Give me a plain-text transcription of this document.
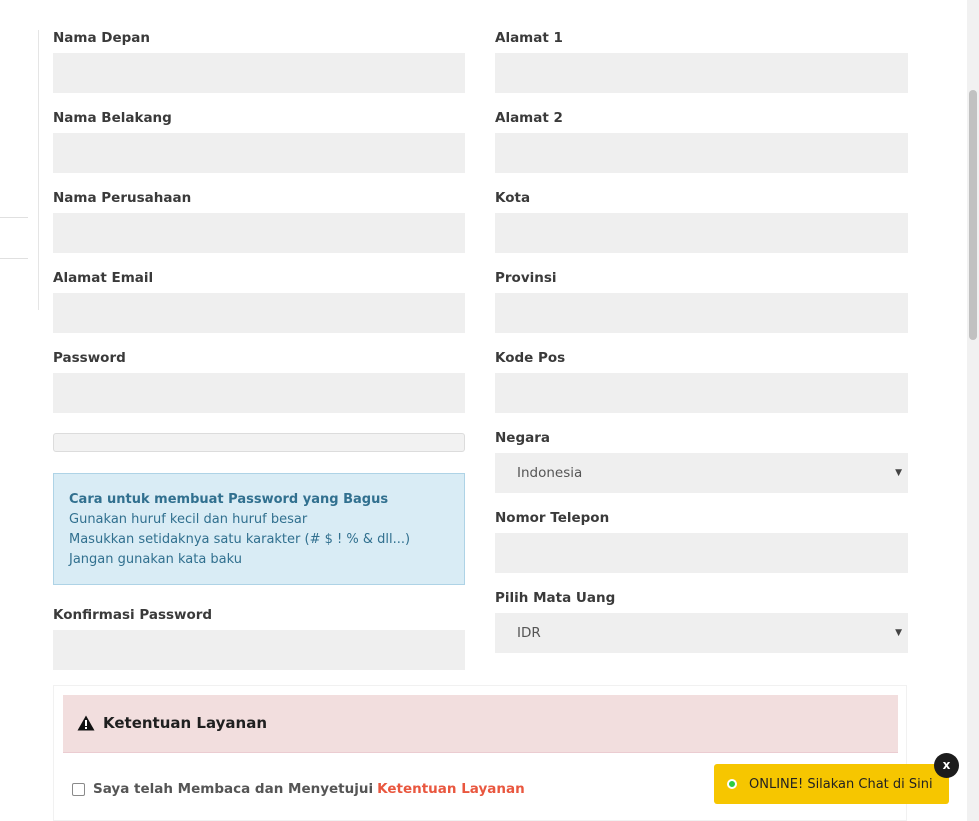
Nama Depan
Nama Belakang
Nama Perusahaan
Alamat Email
Password
Cara untuk membuat Password yang Bagus
Gunakan huruf kecil dan huruf besar
Masukkan setidaknya satu karakter (# $ ! % & dll...)
Jangan gunakan kata baku
Konfirmasi Password
Alamat 1
Alamat 2
Kota
Provinsi
Kode Pos
Negara
Indonesia	▼
Nomor Telepon
Pilih Mata Uang
IDR	▼
Ketentuan Layanan
Saya telah Membaca dan Menyetujui Ketentuan Layanan	ONLINE! Silakan Chat di Sini
x
